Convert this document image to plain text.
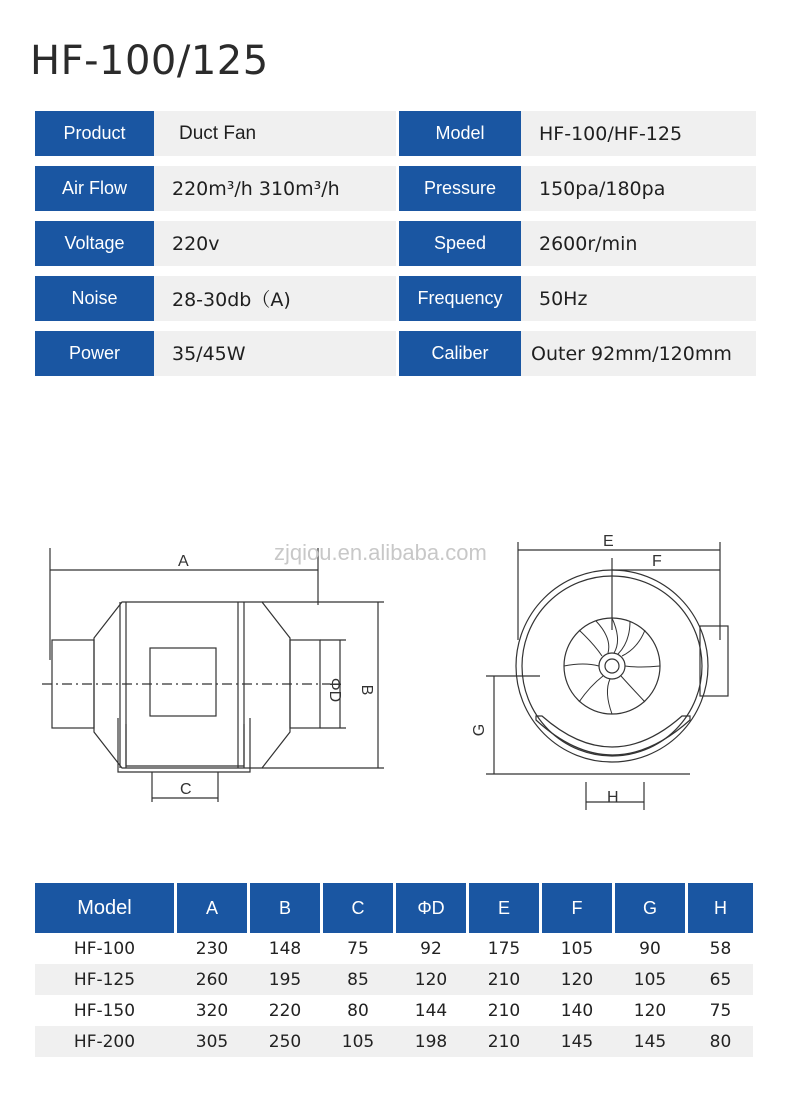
HF-100/125
Product	Duct Fan	Model	HF-100/HF-125
Air Flow	220m³/h 310m³/h	Pressure	150pa/180pa
Voltage	220v	Speed	2600r/min
Noise	28-30db（A)	Frequency	50Hz
Power	35/45W	Caliber	Outer 92mm/120mm
A
ΦD B
C
E
F
G
H
zjqiou.en.alibaba.com
Model	A	B	C	ΦD	E	F	G	H
HF-100	230	148	75	92	175	105	90	58
HF-125	260	195	85	120	210	120	105	65
HF-150	320	220	80	144	210	140	120	75
HF-200	305	250	105	198	210	145	145	80
